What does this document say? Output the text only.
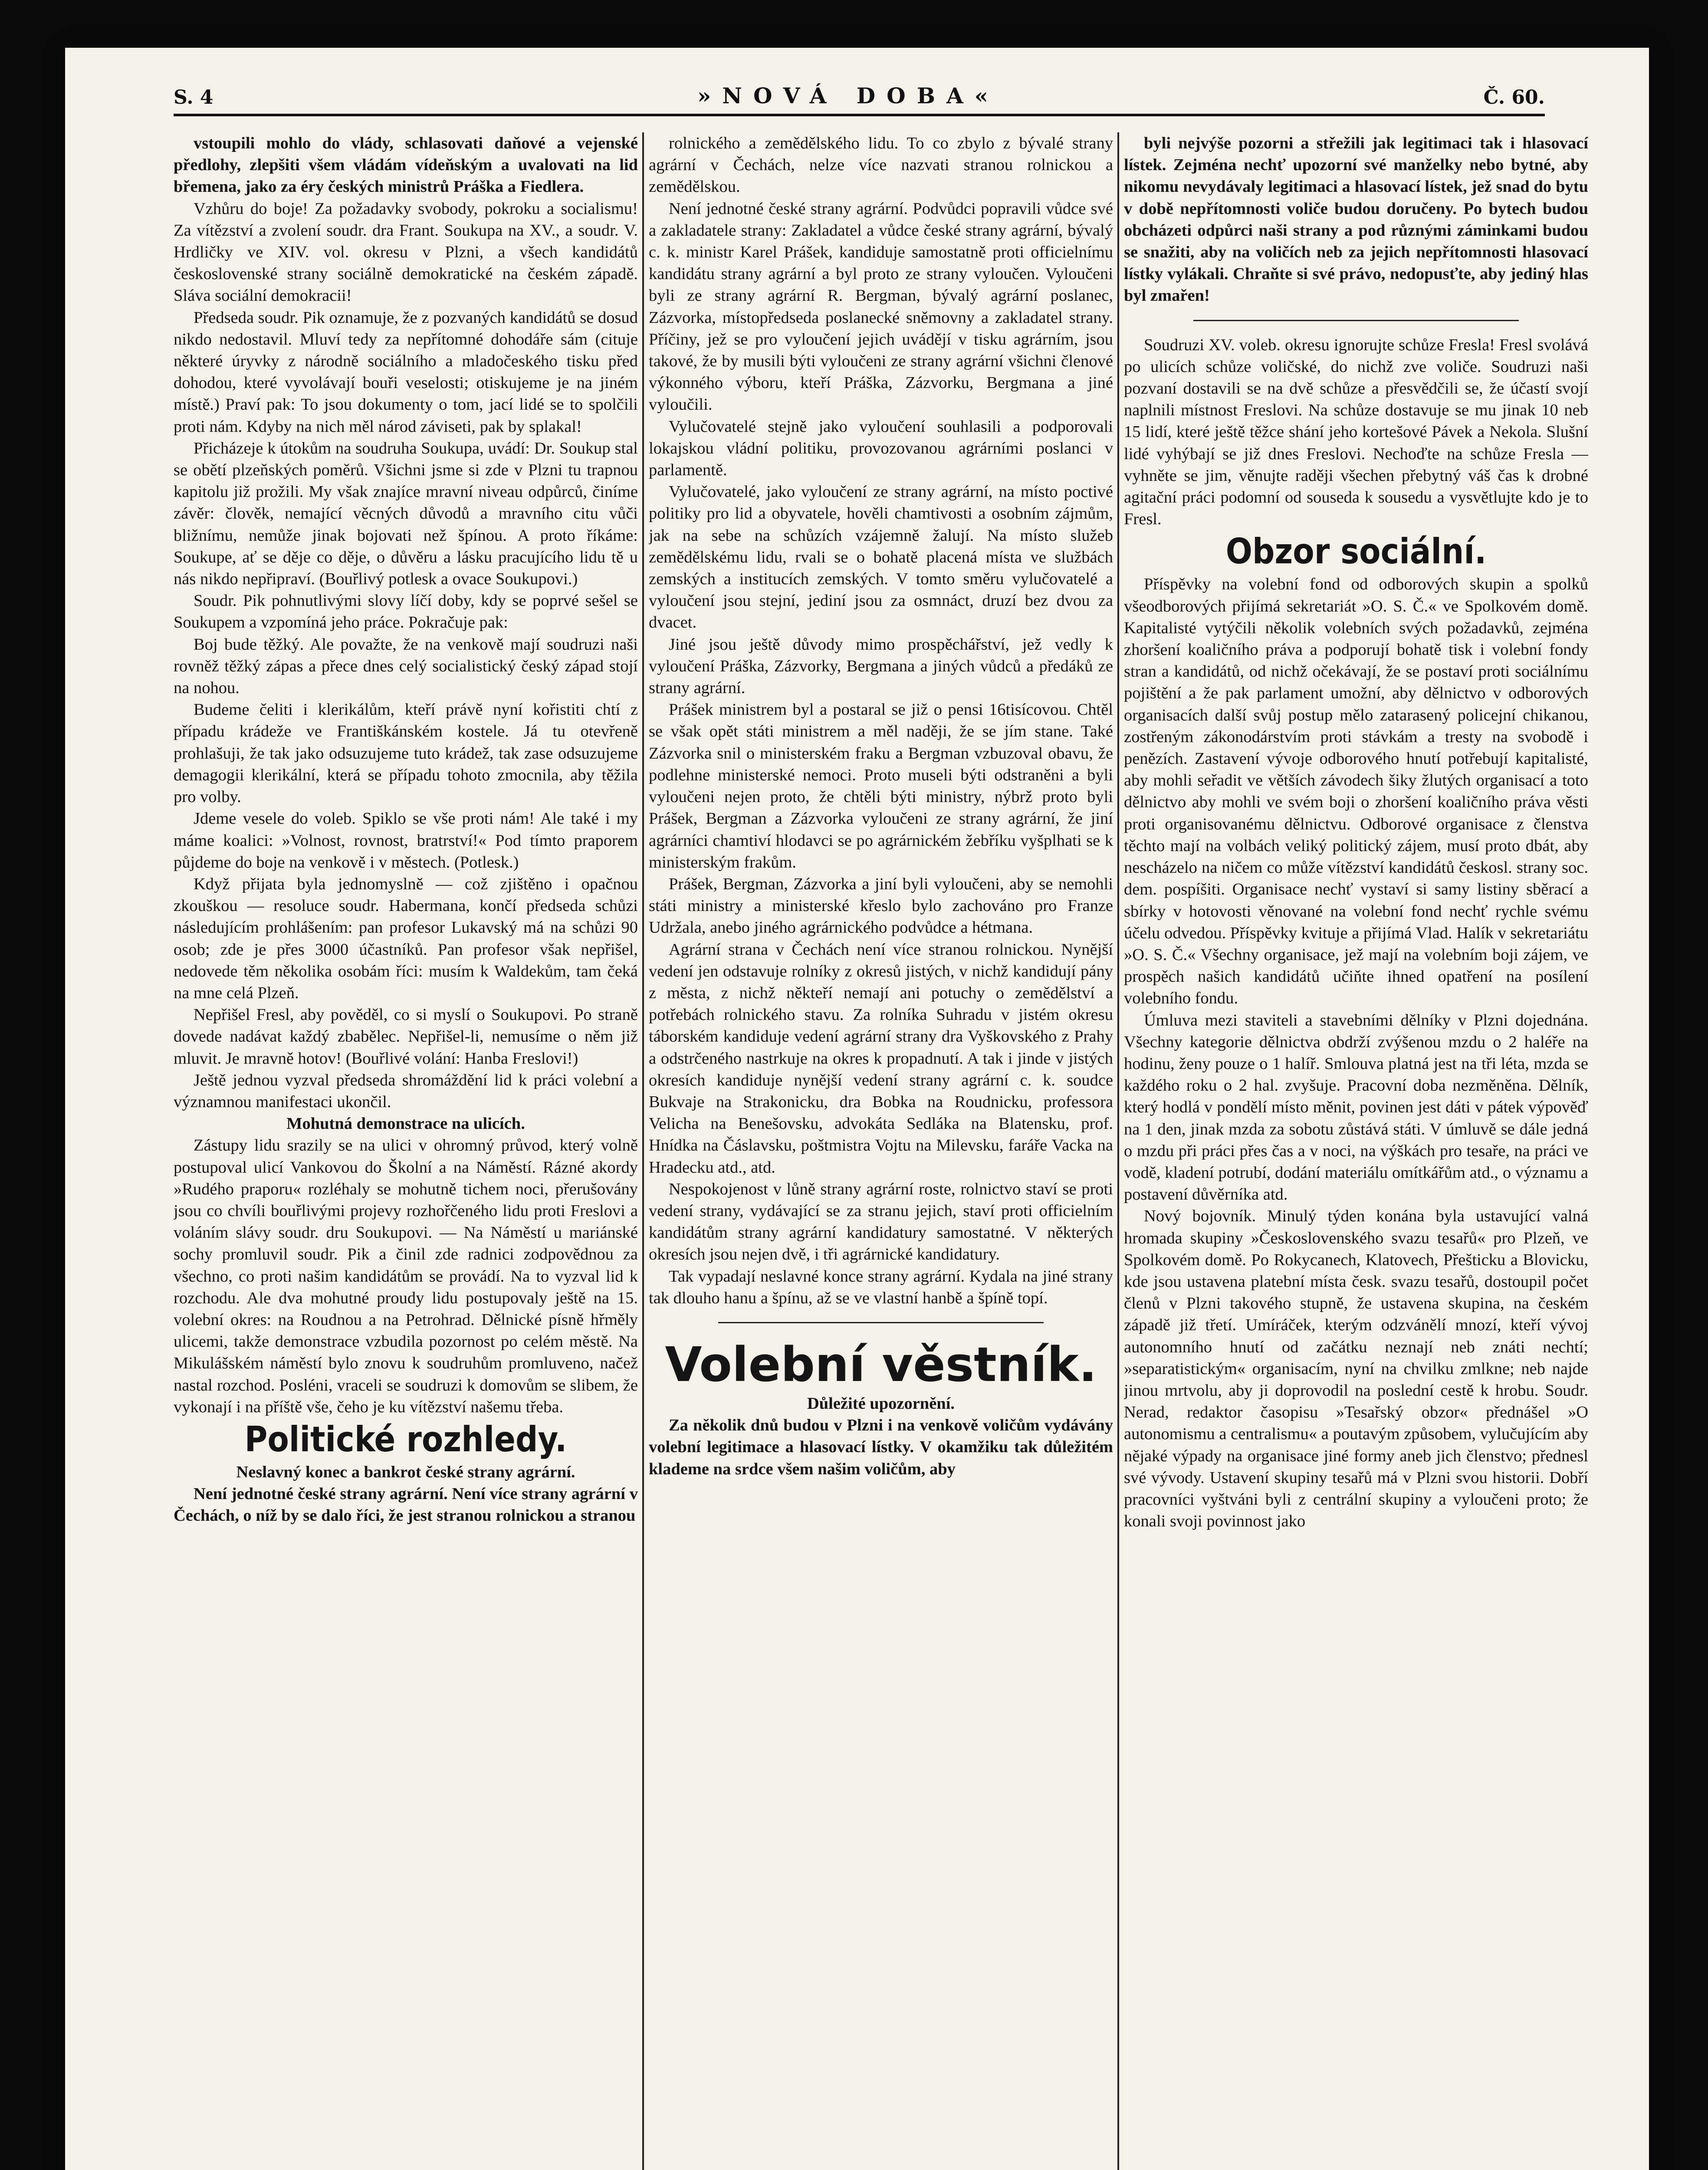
S. 4	»NOVÁ DOBA«	Č. 60.

vstoupili mohlo do vlády, schlasovati daňové a vejenské předlohy, zlepšiti všem vládám vídeňským a uvalovati na lid břemena, jako za éry českých ministrů Práška a Fiedlera.

Vzhůru do boje! Za požadavky svobody, pokroku a socialismu! Za vítězství a zvolení soudr. dra Frant. Soukupa na XV., a soudr. V. Hrdličky ve XIV. vol. okresu v Plzni, a všech kandidátů československé strany sociálně demokratické na českém západě. Sláva sociální demokracii!

Předseda soudr. Pik oznamuje, že z pozvaných kandidátů se dosud nikdo nedostavil. Mluví tedy za nepřítomné dohodáře sám (cituje některé úryvky z národně sociálního a mladočeského tisku před dohodou, které vyvolávají bouři veselosti; otiskujeme je na jiném místě.) Praví pak: To jsou dokumenty o tom, jací lidé se to spolčili proti nám. Kdyby na nich měl národ záviseti, pak by splakal!

Přicházeje k útokům na soudruha Soukupa, uvádí: Dr. Soukup stal se obětí plzeňských poměrů. Všichni jsme si zde v Plzni tu trapnou kapitolu již prožili. My však znajíce mravní niveau odpůrců, činíme závěr: člověk, nemající věcných důvodů a mravního citu vůči bližnímu, nemůže jinak bojovati než špínou. A proto říkáme: Soukupe, ať se děje co děje, o důvěru a lásku pracujícího lidu tě u nás nikdo nepřipraví. (Bouřlivý potlesk a ovace Soukupovi.)

Soudr. Pik pohnutlivými slovy líčí doby, kdy se poprvé sešel se Soukupem a vzpomíná jeho práce. Pokračuje pak:

Boj bude těžký. Ale považte, že na venkově mají soudruzi naši rovněž těžký zápas a přece dnes celý socialistický český západ stojí na nohou.

Budeme čeliti i klerikálům, kteří právě nyní kořistiti chtí z případu krádeže ve Františkánském kostele. Já tu otevřeně prohlašuji, že tak jako odsuzujeme tuto krádež, tak zase odsuzujeme demagogii klerikální, která se případu tohoto zmocnila, aby těžila pro volby.

Jdeme vesele do voleb. Spiklo se vše proti nám! Ale také i my máme koalici: »Volnost, rovnost, bratrství!« Pod tímto praporem půjdeme do boje na venkově i v městech. (Potlesk.)

Když přijata byla jednomyslně — což zjištěno i opačnou zkouškou — resoluce soudr. Habermana, končí předseda schůzi následujícím prohlášením: pan profesor Lukavský má na schůzi 90 osob; zde je přes 3000 účastníků. Pan profesor však nepřišel, nedovede těm několika osobám říci: musím k Waldekům, tam čeká na mne celá Plzeň.

Nepřišel Fresl, aby pověděl, co si myslí o Soukupovi. Po straně dovede nadávat každý zbabělec. Nepřišel-li, nemusíme o něm již mluvit. Je mravně hotov! (Bouřlivé volání: Hanba Freslovi!)

Ještě jednou vyzval předseda shromáždění lid k práci volební a významnou manifestaci ukončil.

Mohutná demonstrace na ulicích.

Zástupy lidu srazily se na ulici v ohromný průvod, který volně postupoval ulicí Vankovou do Školní a na Náměstí. Rázné akordy »Rudého praporu« rozléhaly se mohutně tichem noci, přerušovány jsou co chvíli bouřlivými projevy rozhořčeného lidu proti Freslovi a voláním slávy soudr. dru Soukupovi. — Na Náměstí u mariánské sochy promluvil soudr. Pik a činil zde radnici zodpovědnou za všechno, co proti našim kandidátům se provádí. Na to vyzval lid k rozchodu. Ale dva mohutné proudy lidu postupovaly ještě na 15. volební okres: na Roudnou a na Petrohrad. Dělnické písně hřměly ulicemi, takže demonstrace vzbudila pozornost po celém městě. Na Mikulášském náměstí bylo znovu k soudruhům promluveno, načež nastal rozchod. Posléni, vraceli se soudruzi k domovům se slibem, že vykonají i na příště vše, čeho je ku vítězství našemu třeba.

Politické rozhledy.

Neslavný konec a bankrot české strany agrární.

Není jednotné české strany agrární. Není více strany agrární v Čechách, o níž by se dalo říci, že jest stranou rolnickou a stranou

rolnického a zemědělského lidu. To co zbylo z bývalé strany agrární v Čechách, nelze více nazvati stranou rolnickou a zemědělskou.

Není jednotné české strany agrární. Podvůdci popravili vůdce své a zakladatele strany: Zakladatel a vůdce české strany agrární, bývalý c. k. ministr Karel Prášek, kandiduje samostatně proti officielnímu kandidátu strany agrární a byl proto ze strany vyloučen. Vyloučeni byli ze strany agrární R. Bergman, bývalý agrární poslanec, Zázvorka, místopředseda poslanecké sněmovny a zakladatel strany. Příčiny, jež se pro vyloučení jejich uvádějí v tisku agrárním, jsou takové, že by musili býti vyloučeni ze strany agrární všichni členové výkonného výboru, kteří Práška, Zázvorku, Bergmana a jiné vyloučili.

Vylučovatelé stejně jako vyloučení souhlasili a podporovali lokajskou vládní politiku, provozovanou agrárními poslanci v parlamentě.

Vylučovatelé, jako vyloučení ze strany agrární, na místo poctivé politiky pro lid a obyvatele, hověli chamtivosti a osobním zájmům, jak na sebe na schůzích vzájemně žalují. Na místo služeb zemědělskému lidu, rvali se o bohatě placená místa ve službách zemských a institucích zemských. V tomto směru vylučovatelé a vyloučení jsou stejní, jediní jsou za osmnáct, druzí bez dvou za dvacet.

Jiné jsou ještě důvody mimo prospěchářství, jež vedly k vyloučení Práška, Zázvorky, Bergmana a jiných vůdců a předáků ze strany agrární.

Prášek ministrem byl a postaral se již o pensi 16tisícovou. Chtěl se však opět státi ministrem a měl naději, že se jím stane. Také Zázvorka snil o ministerském fraku a Bergman vzbuzoval obavu, že podlehne ministerské nemoci. Proto museli býti odstraněni a byli vyloučeni nejen proto, že chtěli býti ministry, nýbrž proto byli Prášek, Bergman a Zázvorka vyloučeni ze strany agrární, že jiní agrárníci chamtiví hlodavci se po agrárnickém žebříku vyšplhati se k ministerským frakům.

Prášek, Bergman, Zázvorka a jiní byli vyloučeni, aby se nemohli státi ministry a ministerské křeslo bylo zachováno pro Franze Udržala, anebo jiného agrárnického podvůdce a hétmana.

Agrární strana v Čechách není více stranou rolnickou. Nynější vedení jen odstavuje rolníky z okresů jistých, v nichž kandidují pány z města, z nichž někteří nemají ani potuchy o zemědělství a potřebách rolnického stavu. Za rolníka Suhradu v jistém okresu táborském kandiduje vedení agrární strany dra Vyškovského z Prahy a odstrčeného nastrkuje na okres k propadnutí. A tak i jinde v jistých okresích kandiduje nynější vedení strany agrární c. k. soudce Bukvaje na Strakonicku, dra Bobka na Roudnicku, professora Velicha na Benešovsku, advokáta Sedláka na Blatensku, prof. Hnídka na Čáslavsku, poštmistra Vojtu na Milevsku, faráře Vacka na Hradecku atd., atd.

Nespokojenost v lůně strany agrární roste, rolnictvo staví se proti vedení strany, vydávající se za stranu jejich, staví proti officielním kandidátům strany agrární kandidatury samostatné. V některých okresích jsou nejen dvě, i tři agrárnické kandidatury.

Tak vypadají neslavné konce strany agrární. Kydala na jiné strany tak dlouho hanu a špínu, až se ve vlastní hanbě a špíně topí.

Volební věstník.

Důležité upozornění.

Za několik dnů budou v Plzni i na venkově voličům vydávány volební legitimace a hlasovací lístky. V okamžiku tak důležitém klademe na srdce všem našim voličům, aby

byli nejvýše pozorni a střežili jak legitimaci tak i hlasovací lístek. Zejména nechť upozorní své manželky nebo bytné, aby nikomu nevydávaly legitimaci a hlasovací lístek, jež snad do bytu v době nepřítomnosti voliče budou doručeny. Po bytech budou obcházeti odpůrci naši strany a pod různými záminkami budou se snažiti, aby na voličích neb za jejich nepřítomnosti hlasovací lístky vylákali. Chraňte si své právo, nedopusťte, aby jediný hlas byl zmařen!

Soudruzi XV. voleb. okresu ignorujte schůze Fresla! Fresl svolává po ulicích schůze voličské, do nichž zve voliče. Soudruzi naši pozvaní dostavili se na dvě schůze a přesvědčili se, že účastí svojí naplnili místnost Freslovi. Na schůze dostavuje se mu jinak 10 neb 15 lidí, které ještě těžce shání jeho kortešové Pávek a Nekola. Slušní lidé vyhýbají se již dnes Freslovi. Nechoďte na schůze Fresla — vyhněte se jim, věnujte raději všechen přebytný váš čas k drobné agitační práci podomní od souseda k sousedu a vysvětlujte kdo je to Fresl.

Obzor sociální.

Příspěvky na volební fond od odborových skupin a spolků všeodborových přijímá sekretariát »O. S. Č.« ve Spolkovém domě. Kapitalisté vytýčili několik volebních svých požadavků, zejména zhoršení koaličního práva a podporují bohatě tisk i volební fondy stran a kandidátů, od nichž očekávají, že se postaví proti sociálnímu pojištění a že pak parlament umožní, aby dělnictvo v odborových organisacích další svůj postup mělo zatarasený policejní chikanou, zostřeným zákonodárstvím proti stávkám a tresty na svobodě i penězích. Zastavení vývoje odborového hnutí potřebují kapitalisté, aby mohli seřadit ve větších závodech šiky žlutých organisací a toto dělnictvo aby mohli ve svém boji o zhoršení koaličního práva věsti proti organisovanému dělnictvu. Odborové organisace z členstva těchto mají na volbách veliký politický zájem, musí proto dbát, aby nescházelo na ničem co může vítězství kandidátů českosl. strany soc. dem. pospíšiti. Organisace nechť vystaví si samy listiny sběrací a sbírky v hotovosti věnované na volební fond nechť rychle svému účelu odvedou. Příspěvky kvituje a přijímá Vlad. Halík v sekretariátu »O. S. Č.« Všechny organisace, jež mají na volebním boji zájem, ve prospěch našich kandidátů učiňte ihned opatření na posílení volebního fondu.

Úmluva mezi staviteli a stavebními dělníky v Plzni dojednána. Všechny kategorie dělnictva obdrží zvýšenou mzdu o 2 haléře na hodinu, ženy pouze o 1 halíř. Smlouva platná jest na tři léta, mzda se každého roku o 2 hal. zvyšuje. Pracovní doba nezměněna. Dělník, který hodlá v pondělí místo měnit, povinen jest dáti v pátek výpověď na 1 den, jinak mzda za sobotu zůstává státi. V úmluvě se dále jedná o mzdu při práci přes čas a v noci, na výškách pro tesaře, na práci ve vodě, kladení potrubí, dodání materiálu omítkářům atd., o významu a postavení důvěrníka atd.

Nový bojovník. Minulý týden konána byla ustavující valná hromada skupiny »Československého svazu tesařů« pro Plzeň, ve Spolkovém domě. Po Rokycanech, Klatovech, Přešticku a Blovicku, kde jsou ustavena platební místa česk. svazu tesařů, dostoupil počet členů v Plzni takového stupně, že ustavena skupina, na českém západě již třetí. Umíráček, kterým odzvánělí mnozí, kteří vývoj autonomního hnutí od začátku neznají neb znáti nechtí; »separatistickým« organisacím, nyní na chvilku zmlkne; neb najde jinou mrtvolu, aby ji doprovodil na poslední cestě k hrobu. Soudr. Nerad, redaktor časopisu »Tesařský obzor« přednášel »O autonomismu a centralismu« a poutavým způsobem, vylučujícím aby nějaké výpady na organisace jiné formy aneb jich členstvo; přednesl své vývody. Ustavení skupiny tesařů má v Plzni svou historii. Dobří pracovníci vyštváni byli z centrální skupiny a vyloučeni proto; že konali svoji povinnost jako
